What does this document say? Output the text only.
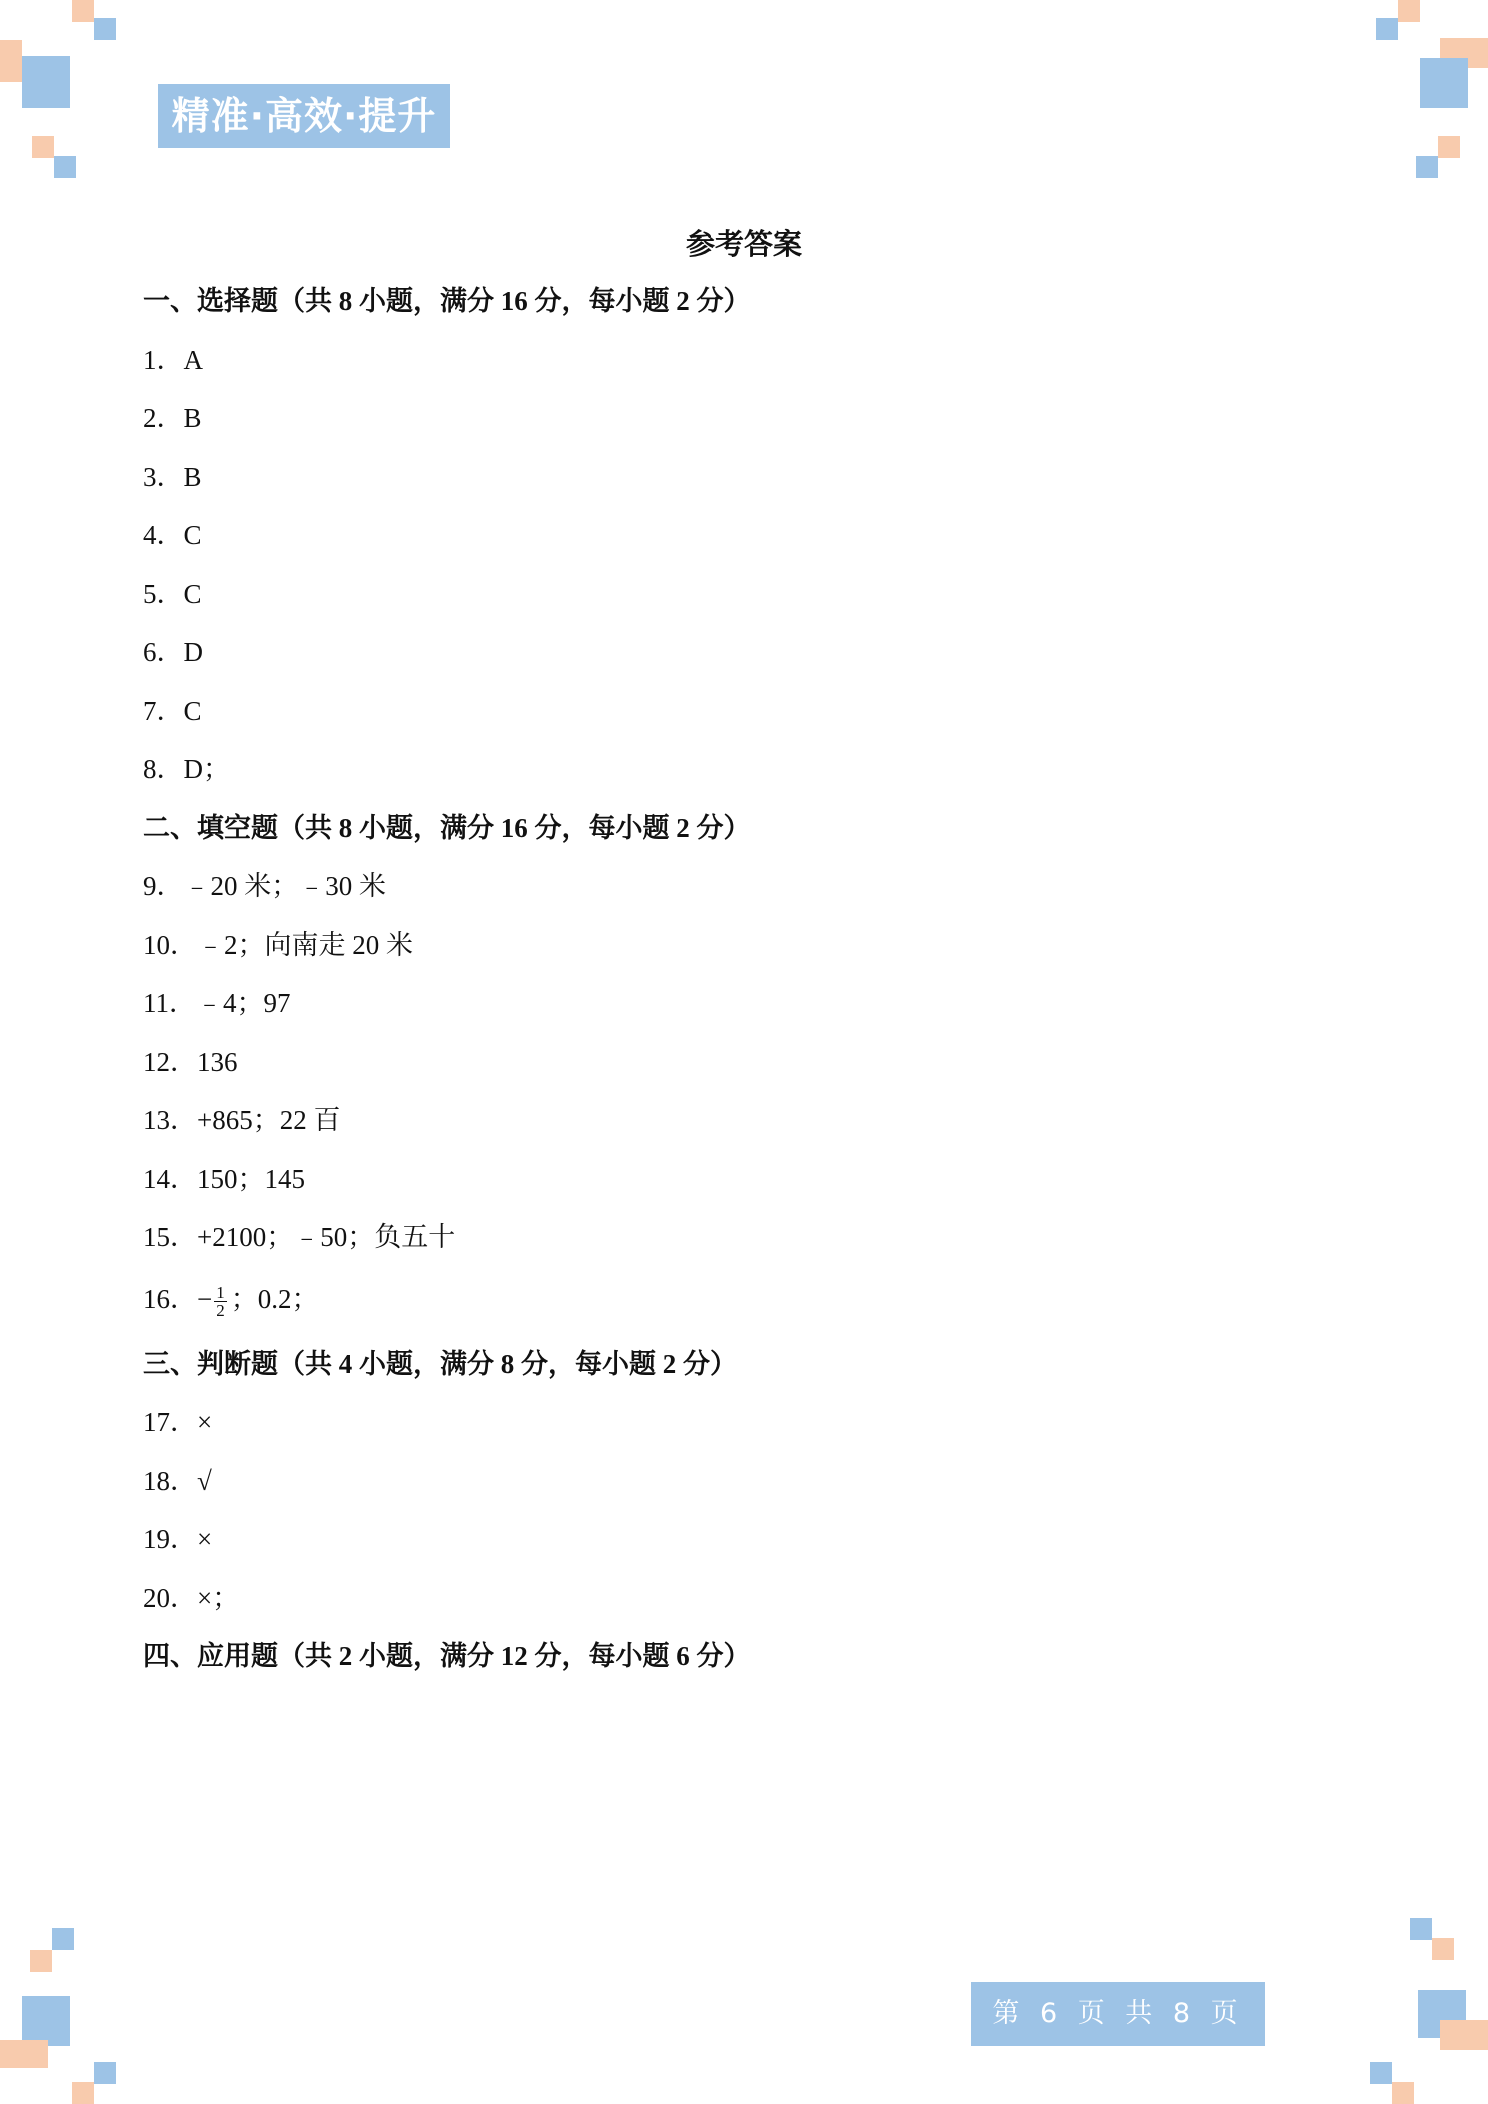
精准·高效·提升
参考答案
一、选择题（共 8 小题，满分 16 分，每小题 2 分）
1．A
2．B
3．B
4．C
5．C
6．D
7．C
8．D；
二、填空题（共 8 小题，满分 16 分，每小题 2 分）
9．﹣20 米；﹣30 米
10．﹣2；向南走 20 米
11．﹣4；97
12．136
13．+865；22 百
14．150；145
15．+2100；﹣50；负五十
16．− $\frac{1}{2}$ ；0.2；
三、判断题（共 4 小题，满分 8 分，每小题 2 分）
17．×
18．√
19．×
20．×；
四、应用题（共 2 小题，满分 12 分，每小题 6 分）
第 6 页 共 8 页
